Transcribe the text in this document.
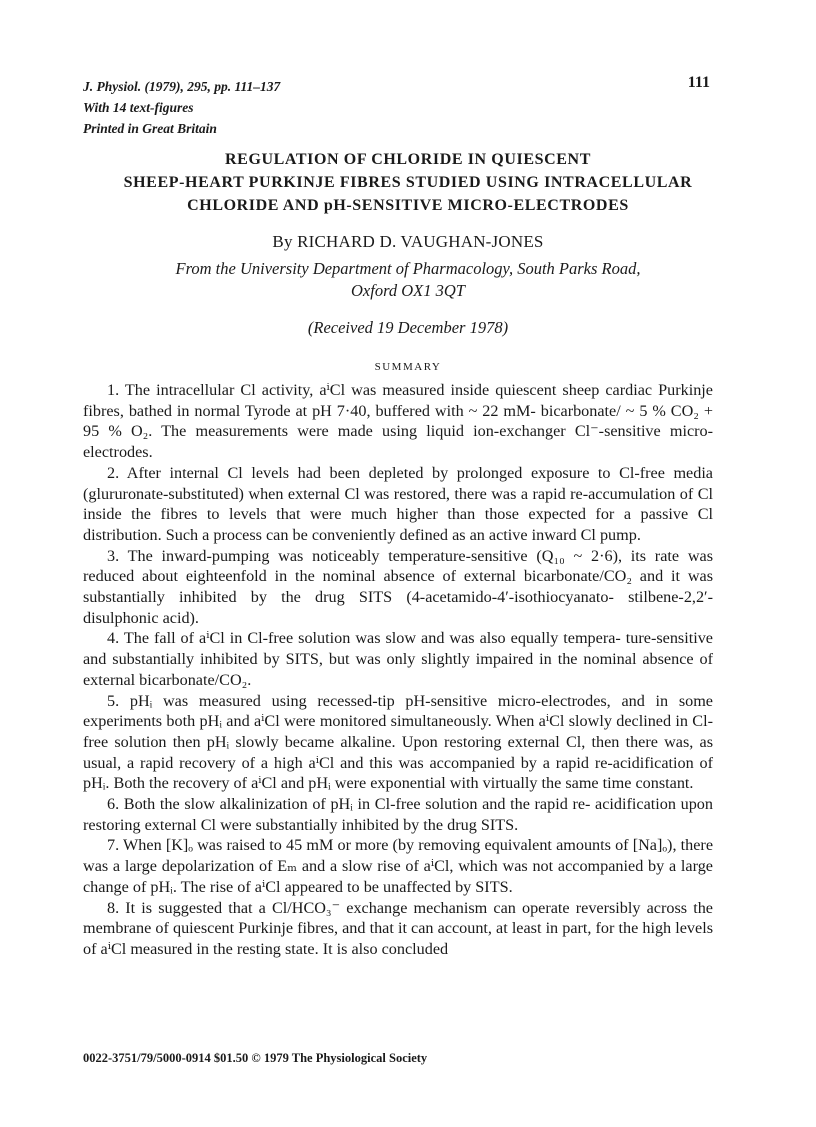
J. Physiol. (1979), 295, pp. 111–137
With 14 text-figures
Printed in Great Britain
111
REGULATION OF CHLORIDE IN QUIESCENT
SHEEP-HEART PURKINJE FIBRES STUDIED USING INTRACELLULAR
CHLORIDE AND pH-SENSITIVE MICRO-ELECTRODES
By RICHARD D. VAUGHAN-JONES
From the University Department of Pharmacology, South Parks Road,
Oxford OX1 3QT
(Received 19 December 1978)
SUMMARY

1. The intracellular Cl activity, aⁱCl was measured inside quiescent sheep cardiac Purkinje fibres, bathed in normal Tyrode at pH 7·40, buffered with ~ 22 mM- bicarbonate/ ~ 5 % CO₂ + 95 % O₂. The measurements were made using liquid ion-exchanger Cl⁻-sensitive micro-electrodes.

2. After internal Cl levels had been depleted by prolonged exposure to Cl-free media (glururonate-substituted) when external Cl was restored, there was a rapid re-accumulation of Cl inside the fibres to levels that were much higher than those expected for a passive Cl distribution. Such a process can be conveniently defined as an active inward Cl pump.

3. The inward-pumping was noticeably temperature-sensitive (Q₁₀ ~ 2·6), its rate was reduced about eighteenfold in the nominal absence of external bicarbonate/CO₂ and it was substantially inhibited by the drug SITS (4-acetamido-4′-isothiocyanato- stilbene-2,2′-disulphonic acid).

4. The fall of aⁱCl in Cl-free solution was slow and was also equally tempera- ture-sensitive and substantially inhibited by SITS, but was only slightly impaired in the nominal absence of external bicarbonate/CO₂.

5. pHᵢ was measured using recessed-tip pH-sensitive micro-electrodes, and in some experiments both pHᵢ and aⁱCl were monitored simultaneously. When aⁱCl slowly declined in Cl-free solution then pHᵢ slowly became alkaline. Upon restoring external Cl, then there was, as usual, a rapid recovery of a high aⁱCl and this was accompanied by a rapid re-acidification of pHᵢ. Both the recovery of aⁱCl and pHᵢ were exponential with virtually the same time constant.

6. Both the slow alkalinization of pHᵢ in Cl-free solution and the rapid re- acidification upon restoring external Cl were substantially inhibited by the drug SITS.

7. When [K]ₒ was raised to 45 mM or more (by removing equivalent amounts of [Na]ₒ), there was a large depolarization of Eₘ and a slow rise of aⁱCl, which was not accompanied by a large change of pHᵢ. The rise of aⁱCl appeared to be unaffected by SITS.

8. It is suggested that a Cl/HCO₃⁻ exchange mechanism can operate reversibly across the membrane of quiescent Purkinje fibres, and that it can account, at least in part, for the high levels of aⁱCl measured in the resting state. It is also concluded

0022-3751/79/5000-0914 $01.50 © 1979 The Physiological Society
